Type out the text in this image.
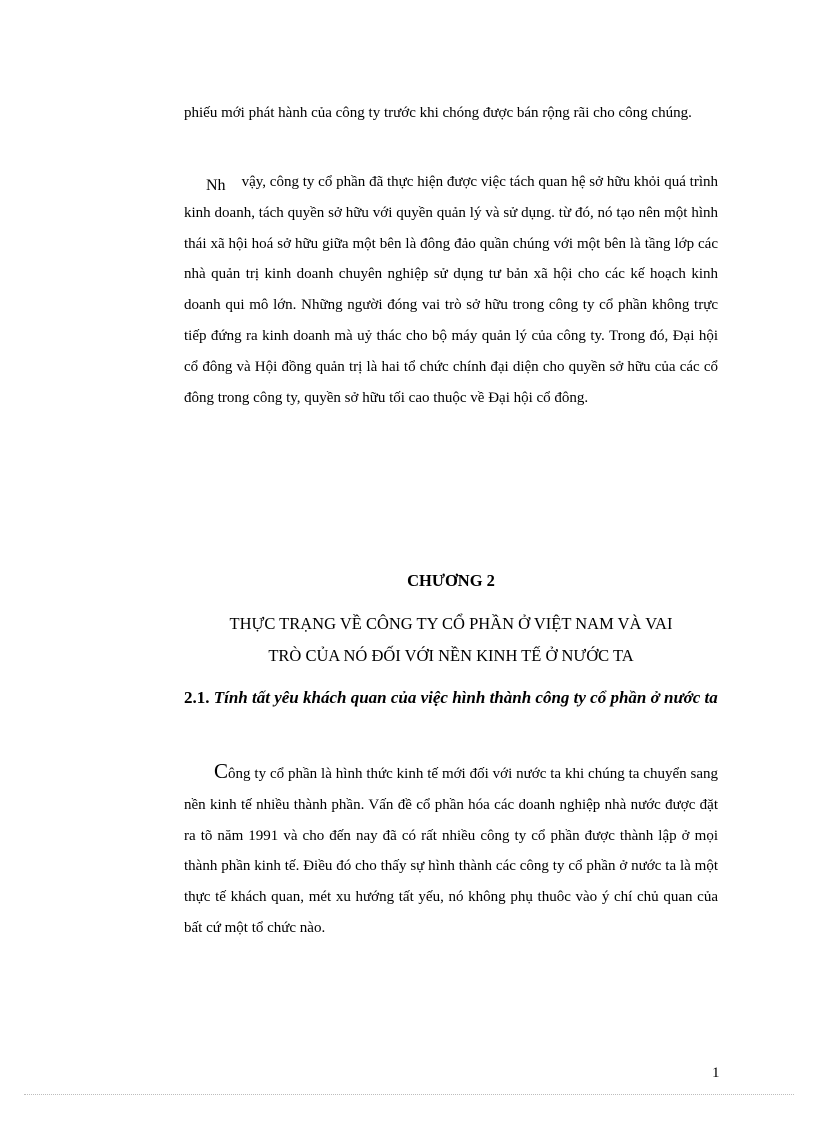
phiếu mới phát hành của công ty trước khi chóng được bán rộng rãi cho công chúng.
Nh vậy, công ty cổ phần đã thực hiện được việc tách quan hệ sở hữu khỏi quá trình kinh doanh, tách quyền sở hữu với quyền quản lý và sử dụng. từ đó, nó tạo nên một hình thái xã hội hoá sở hữu giữa một bên là đông đảo quần chúng với một bên là tầng lớp các nhà quản trị kinh doanh chuyên nghiệp sử dụng tư bản xã hội cho các kế hoạch kinh doanh qui mô lớn. Những người đóng vai trò sở hữu trong công ty cổ phần không trực tiếp đứng ra kinh doanh mà uỷ thác cho bộ máy quản lý của công ty. Trong đó, Đại hội cổ đông và Hội đồng quản trị là hai tổ chức chính đại diện cho quyền sở hữu của các cổ đông trong công ty, quyền sở hữu tối cao thuộc về Đại hội cổ đông.
CHƯƠNG 2
THỰC TRẠNG VỀ CÔNG TY CỔ PHẦN Ở VIỆT NAM VÀ VAI
TRÒ CỦA NÓ ĐỐI VỚI NỀN KINH TẾ Ở NƯỚC TA
2.1. Tính tất yêu khách quan của việc hình thành công ty cổ phần ở nước ta
Công ty cổ phần là hình thức kinh tế mới đối với nước ta khi chúng ta chuyển sang nền kinh tế nhiều thành phần. Vấn đề cổ phần hóa các doanh nghiệp nhà nước được đặt ra tõ năm 1991 và cho đến nay đã có rất nhiều công ty cổ phần được thành lập ở mọi thành phần kinh tế. Điều đó cho thấy sự hình thành các công ty cổ phần ở nước ta là một thực tế khách quan, mét xu hướng tất yếu, nó không phụ thuôc vào ý chí chủ quan của bất cứ một tổ chức nào.
1
